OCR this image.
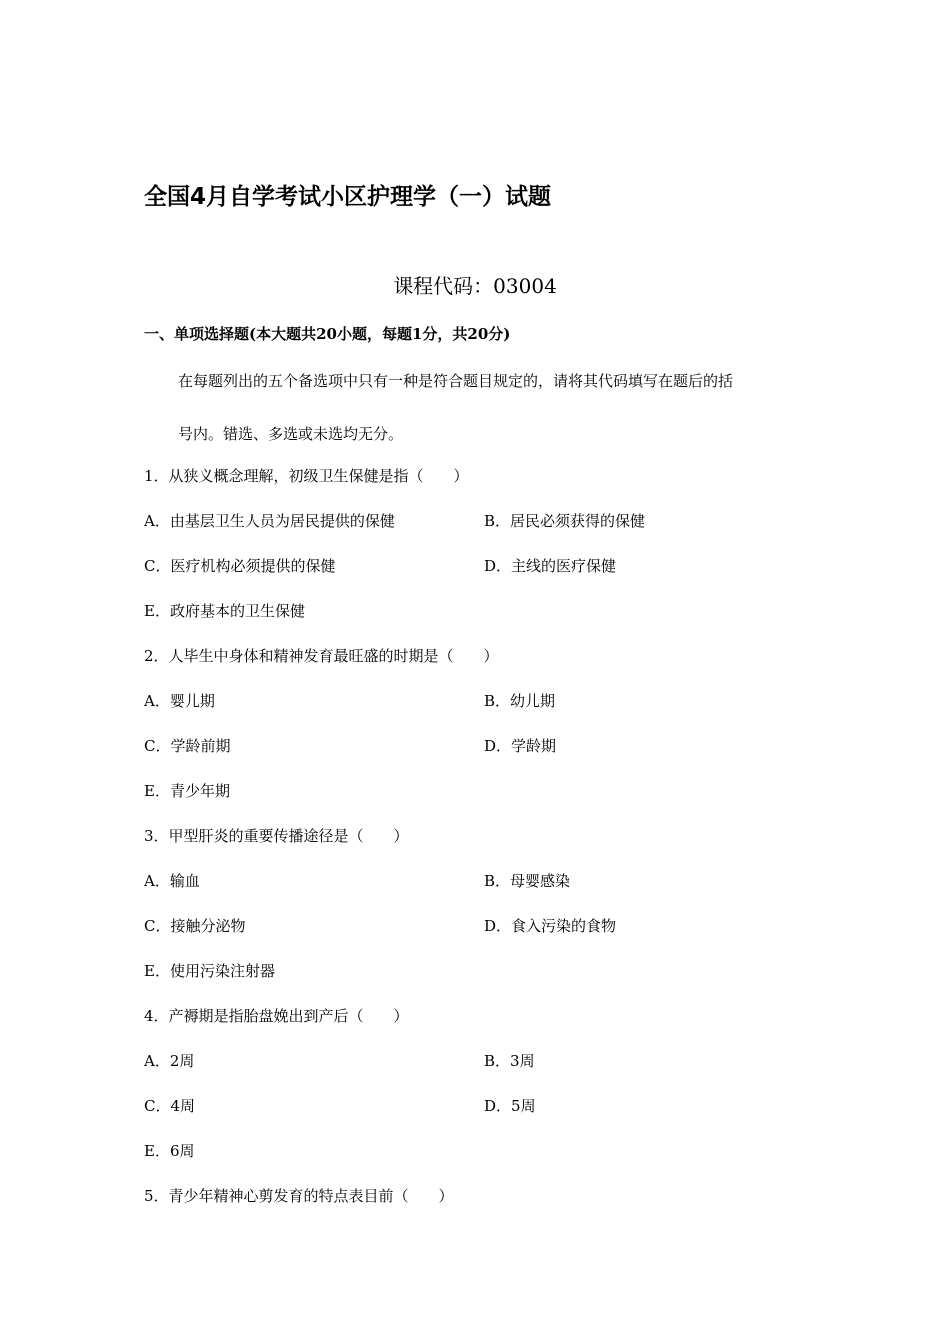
全国4月自学考试小区护理学（一）试题
课程代码：03004
一、单项选择题(本大题共20小题，每题1分，共20分)
在每题列出的五个备选项中只有一种是符合题目规定的，请将其代码填写在题后的括
号内。错选、多选或未选均无分。
1．从狭义概念理解，初级卫生保健是指（　　）
A．由基层卫生人员为居民提供的保健	B．居民必须获得的保健
C．医疗机构必须提供的保健	D．主线的医疗保健
E．政府基本的卫生保健
2．人毕生中身体和精神发育最旺盛的时期是（　　）
A．婴儿期	B．幼儿期
C．学龄前期	D．学龄期
E．青少年期
3．甲型肝炎的重要传播途径是（　　）
A．输血	B．母婴感染
C．接触分泌物	D．食入污染的食物
E．使用污染注射器
4．产褥期是指胎盘娩出到产后（　　）
A．2周	B．3周
C．4周	D．5周
E．6周
5．青少年精神心剪发育的特点表目前（　　）
